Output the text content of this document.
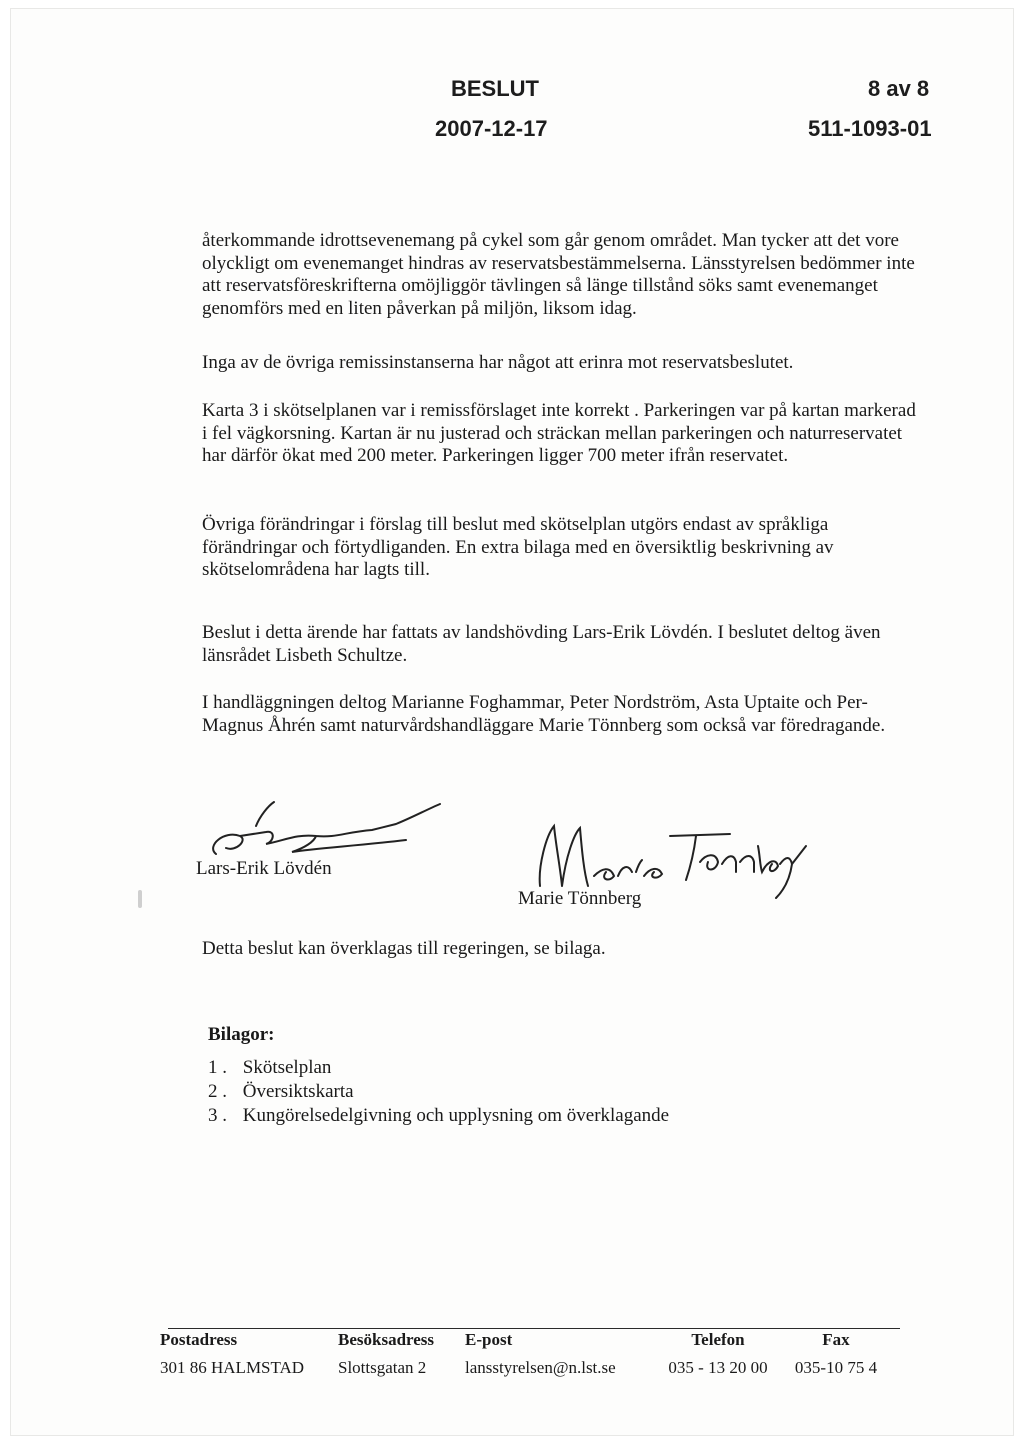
BESLUT	8 av 8
2007-12-17	511-1093-01

återkommande idrottsevenemang på cykel som går genom området. Man tycker att det vore olyckligt om evenemanget hindras av reservatsbestämmelserna. Länsstyrelsen bedömmer inte att reservatsföreskrifterna omöjliggör tävlingen så länge tillstånd söks samt evenemanget genomförs med en liten påverkan på miljön, liksom idag.

Inga av de övriga remissinstanserna har något att erinra mot reservatsbeslutet.

Karta 3 i skötselplanen var i remissförslaget inte korrekt . Parkeringen var på kartan markerad i fel vägkorsning. Kartan är nu justerad och sträckan mellan parkeringen och naturreservatet har därför ökat med 200 meter. Parkeringen ligger 700 meter ifrån reservatet.

Övriga förändringar i förslag till beslut med skötselplan utgörs endast av språkliga förändringar och förtydliganden. En extra bilaga med en översiktlig beskrivning av skötselområdena har lagts till.

Beslut i detta ärende har fattats av landshövding Lars-Erik Lövdén. I beslutet deltog även länsrådet Lisbeth Schultze.

I handläggningen deltog Marianne Foghammar, Peter Nordström, Asta Uptaite och Per-Magnus Åhrén samt naturvårdshandläggare Marie Tönnberg som också var föredragande.

Lars-Erik Lövdén
Marie Tönnberg
Detta beslut kan överklagas till regeringen, se bilaga.
Bilagor:
1 . Skötselplan
2 . Översiktskarta
3 . Kungörelsedelgivning och upplysning om överklagande
Postadress
301 86 HALMSTAD
Besöksadress
Slottsgatan 2
E-post
lansstyrelsen@n.lst.se
Telefon
035 - 13 20 00
Fax
035-10 75 4
